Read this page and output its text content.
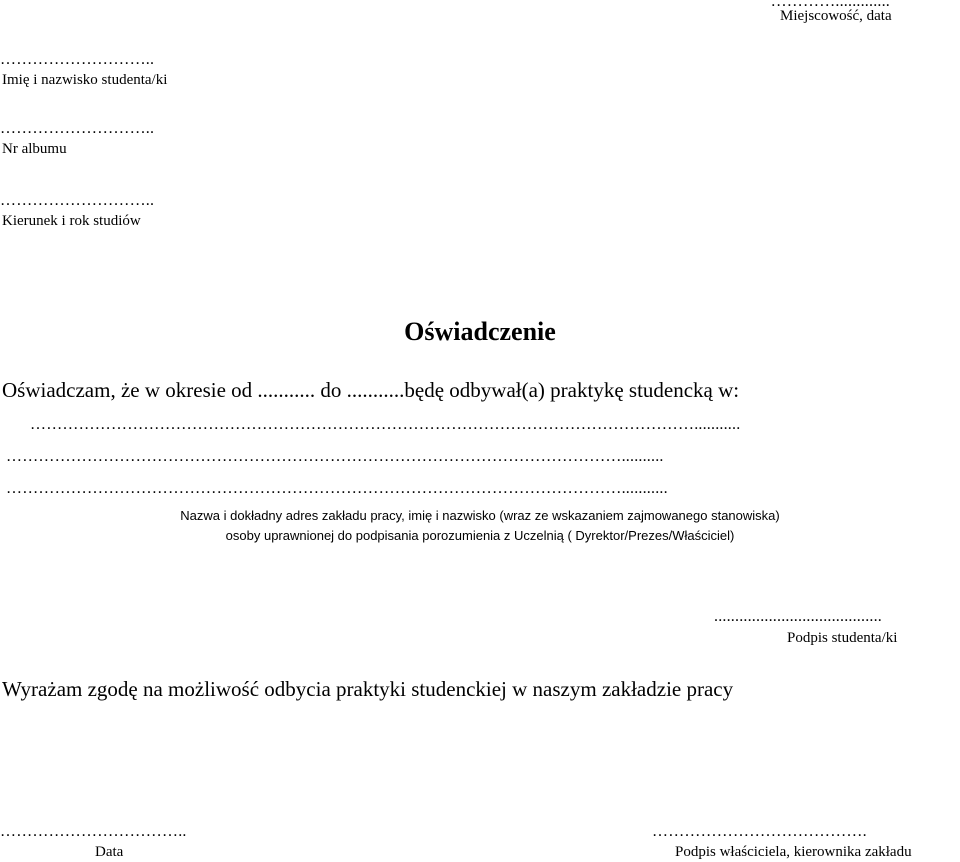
………….............
Miejscowość, data
………………………..
Imię i nazwisko studenta/ki
………………………..
Nr albumu
………………………..
Kierunek i rok studiów
Oświadczenie
Oświadczam, że w okresie od ........... do ...........będę odbywał(a) praktykę studencką w:
……………………………………………………………………………………………………………...........
……………………………………………………………………………………………………..........
……………………………………………………………………………………………………...........
Nazwa i dokładny adres zakładu pracy, imię i nazwisko (wraz ze wskazaniem zajmowanego stanowiska)
osoby uprawnionej do podpisania porozumienia z Uczelnią ( Dyrektor/Prezes/Właściciel)
........................................
Podpis studenta/ki
Wyrażam zgodę na możliwość odbycia praktyki studenckiej w naszym zakładzie pracy
……………………………..
Data
………………………………….
Podpis właściciela, kierownika zakładu
